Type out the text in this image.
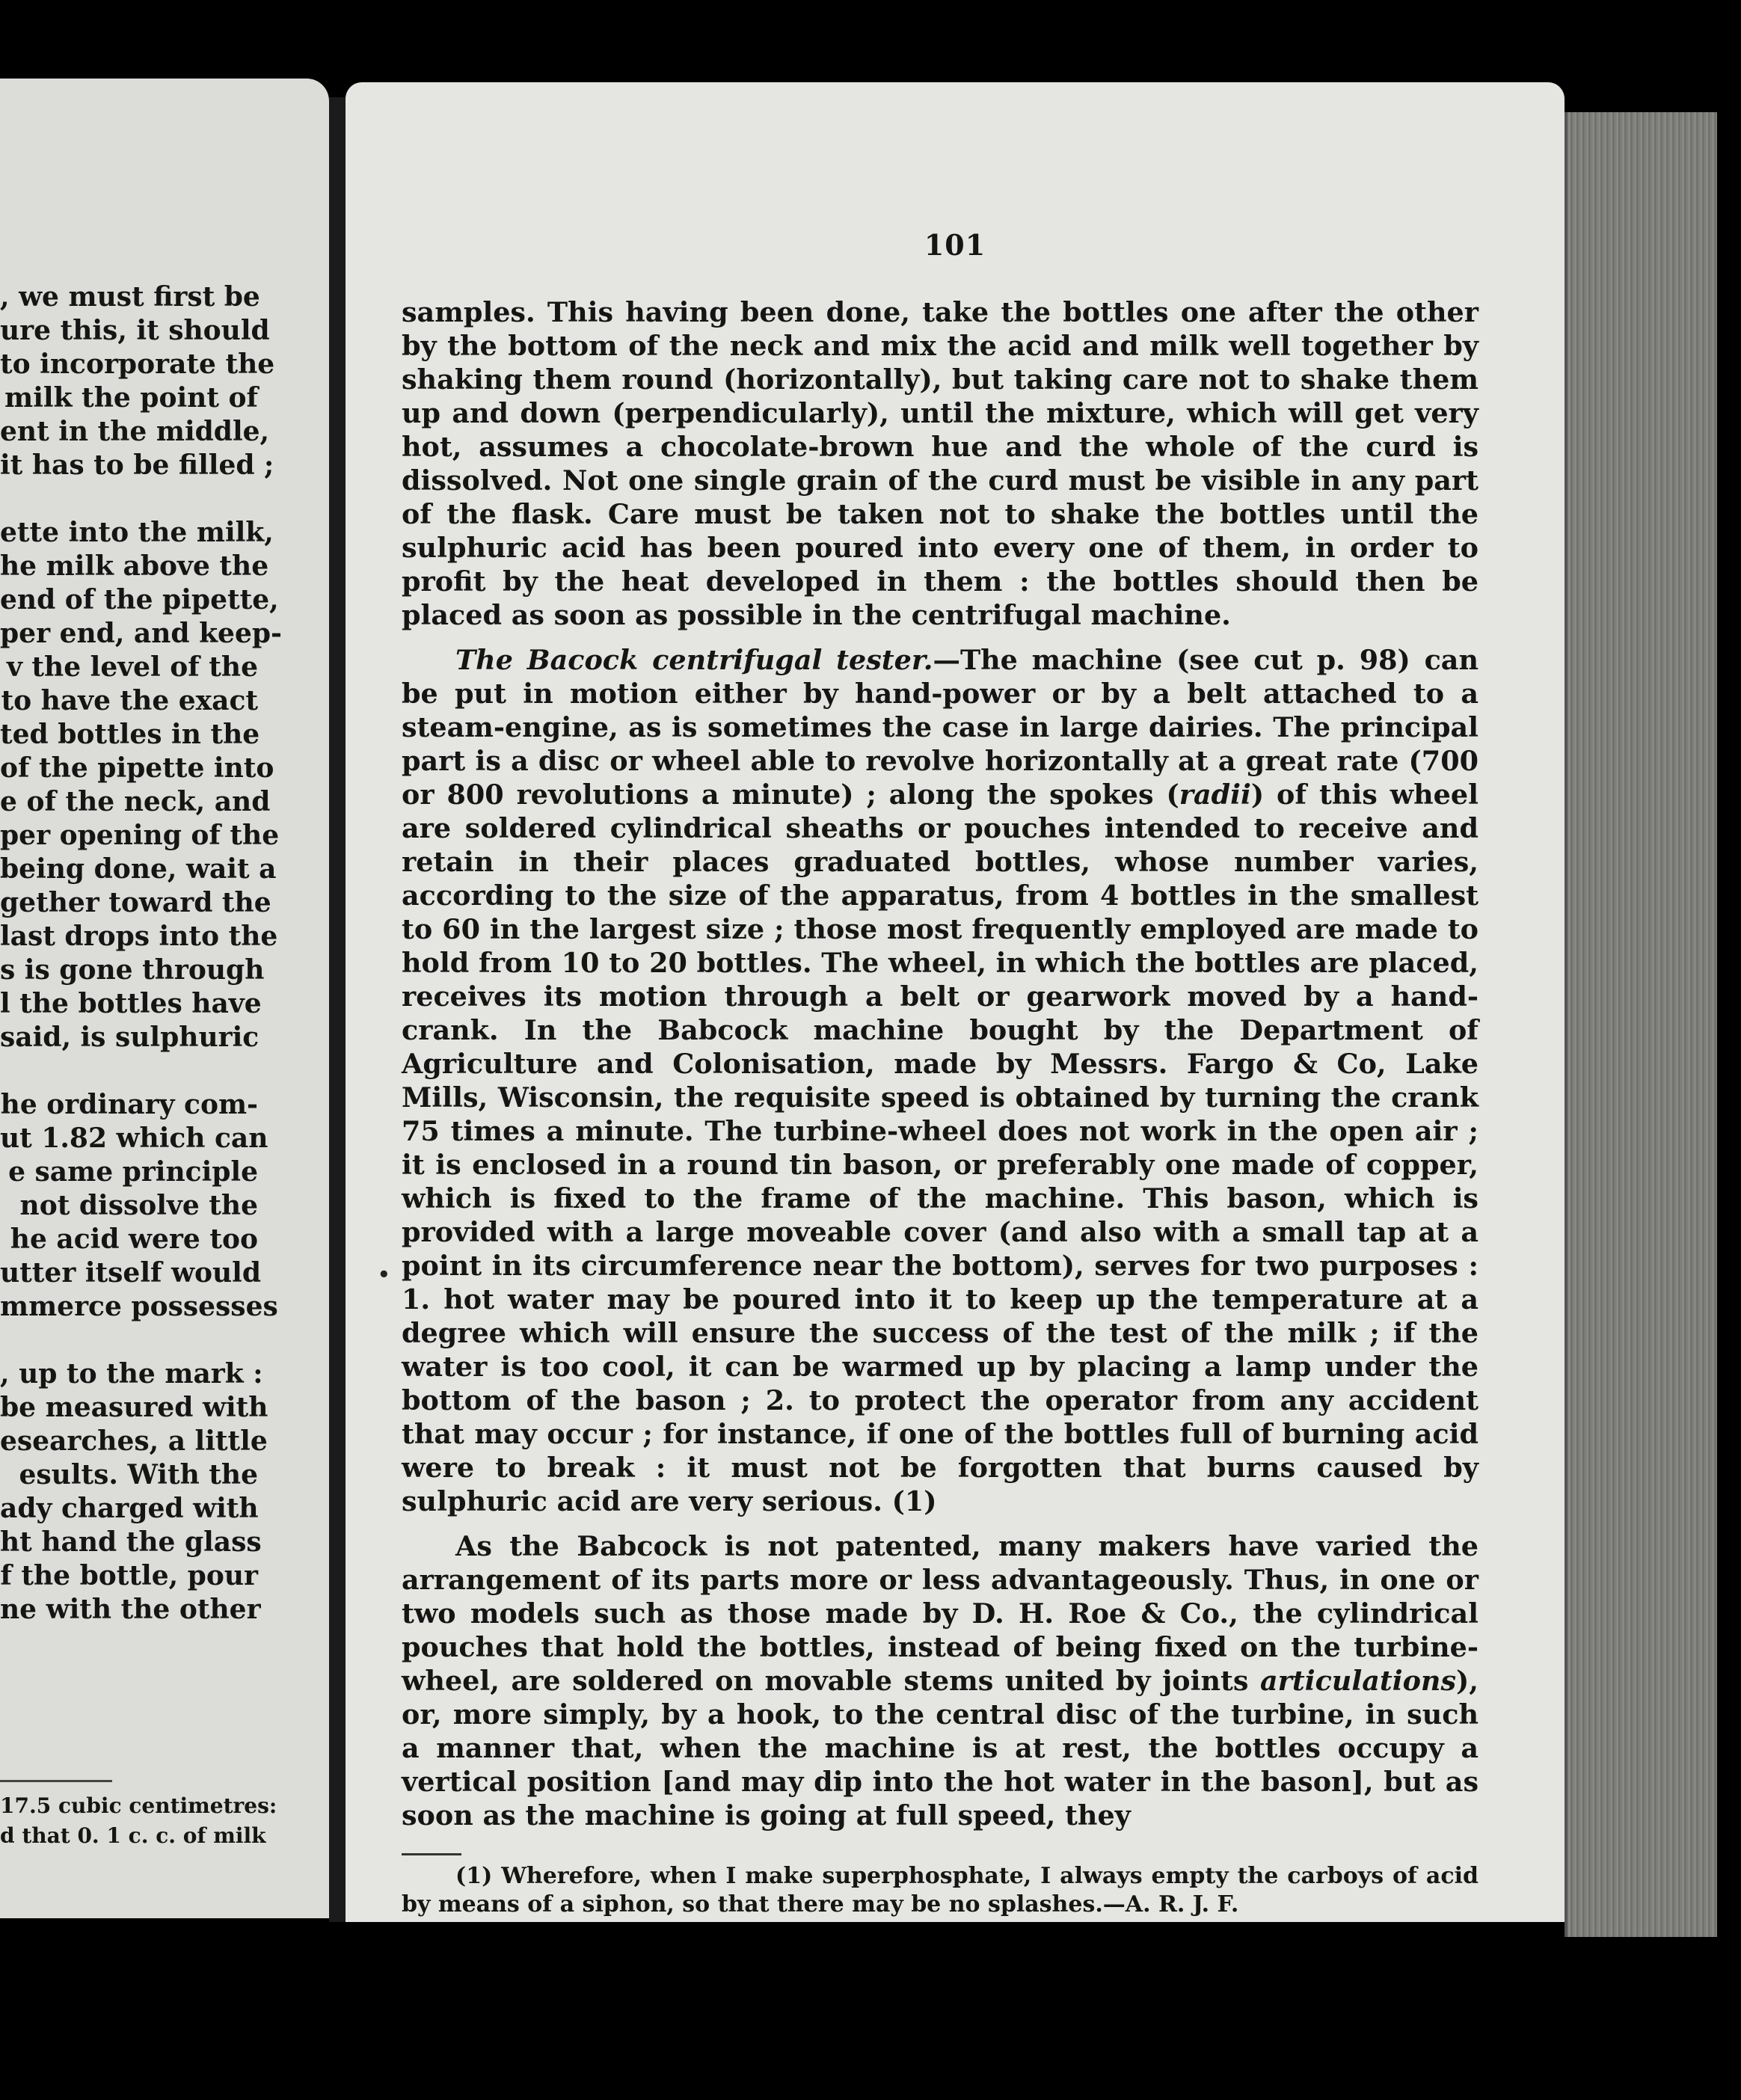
, we must first be
ure this, it should
to incorporate the
milk the point of
ent in the middle,
it has to be filled ;
ette into the milk,
he milk above the
end of the pipette,
per end, and keep-
v the level of the
to have the exact
ted bottles in the
of the pipette into
e of the neck, and
per opening of the
being done, wait a
gether toward the
last drops into the
s is gone through
l the bottles have
said, is sulphuric
he ordinary com-
ut 1.82 which can
e same principle
not dissolve the
he acid were too
utter itself would
mmerce possesses
, up to the mark :
be measured with
esearches, a little
esults. With the
ady charged with
ht hand the glass
f the bottle, pour
ne with the other
17.5 cubic centimetres:
d that 0. 1 c. c. of milk
101

samples. This having been done, take the bottles one after the other by the bottom of the neck and mix the acid and milk well together by shaking them round (horizontally), but taking care not to shake them up and down (perpendicularly), until the mixture, which will get very hot, assumes a chocolate-brown hue and the whole of the curd is dissolved. Not one single grain of the curd must be visible in any part of the flask. Care must be taken not to shake the bottles until the sulphuric acid has been poured into every one of them, in order to profit by the heat developed in them : the bottles should then be placed as soon as possible in the centrifugal machine.

The Bacock centrifugal tester.—The machine (see cut p. 98) can be put in motion either by hand-power or by a belt attached to a steam-engine, as is sometimes the case in large dairies. The principal part is a disc or wheel able to revolve horizontally at a great rate (700 or 800 revolutions a minute) ; along the spokes (radii) of this wheel are soldered cylindrical sheaths or pouches intended to receive and retain in their places graduated bottles, whose number varies, according to the size of the apparatus, from 4 bottles in the smallest to 60 in the largest size ; those most frequently employed are made to hold from 10 to 20 bottles. The wheel, in which the bottles are placed, receives its motion through a belt or gearwork moved by a hand-crank. In the Babcock machine bought by the Department of Agriculture and Colonisation, made by Messrs. Fargo & Co, Lake Mills, Wisconsin, the requisite speed is obtained by turning the crank 75 times a minute. The turbine-wheel does not work in the open air ; it is enclosed in a round tin bason, or preferably one made of copper, which is fixed to the frame of the machine. This bason, which is provided with a large moveable cover (and also with a small tap at a point in its circumference near the bottom), serves for two purposes : 1. hot water may be poured into it to keep up the temperature at a degree which will ensure the success of the test of the milk ; if the water is too cool, it can be warmed up by placing a lamp under the bottom of the bason ; 2. to protect the operator from any accident that may occur ; for instance, if one of the bottles full of burning acid were to break : it must not be forgotten that burns caused by sulphuric acid are very serious. (1)

As the Babcock is not patented, many makers have varied the arrangement of its parts more or less advantageously. Thus, in one or two models such as those made by D. H. Roe & Co., the cylindrical pouches that hold the bottles, instead of being fixed on the turbine-wheel, are soldered on movable stems united by joints articulations), or, more simply, by a hook, to the central disc of the turbine, in such a manner that, when the machine is at rest, the bottles occupy a vertical position [and may dip into the hot water in the bason], but as soon as the machine is going at full speed, they

(1) Wherefore, when I make superphosphate, I always empty the carboys of acid by means of a siphon, so that there may be no splashes.—A. R. J. F.
•
